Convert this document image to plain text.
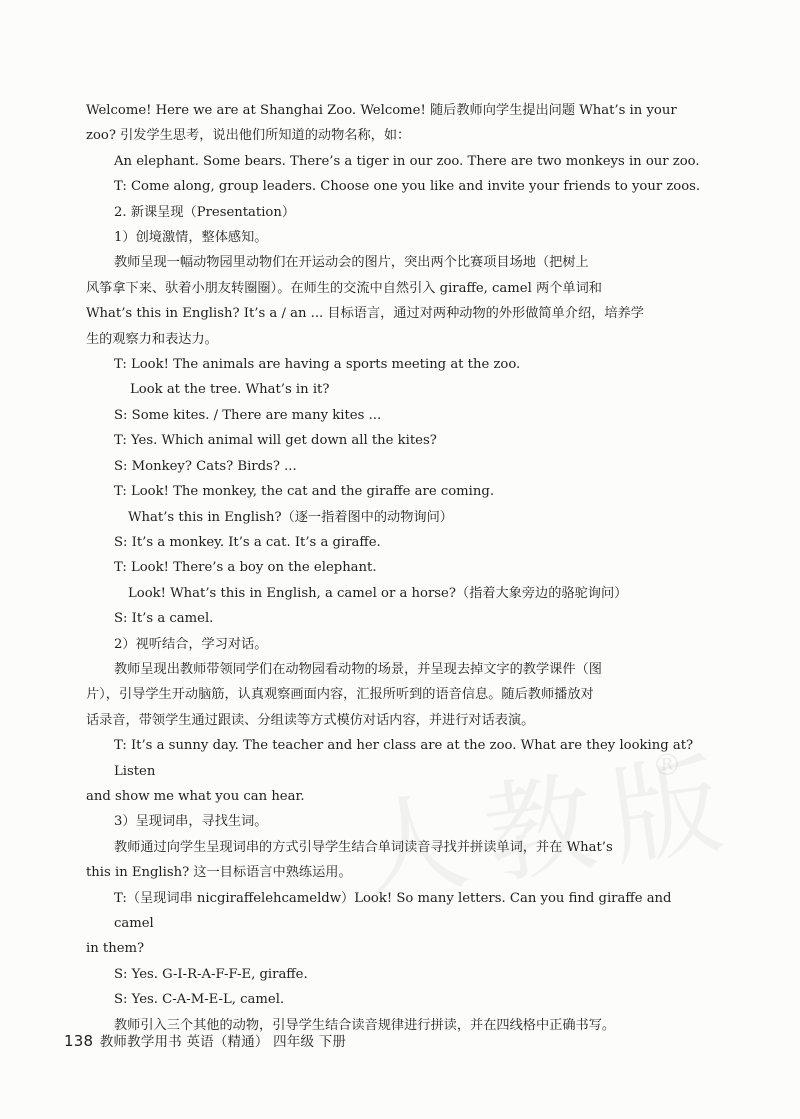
®

Welcome! Here we are at Shanghai Zoo. Welcome! 随后教师向学生提出问题 What’s in your

zoo? 引发学生思考，说出他们所知道的动物名称，如：

An elephant. Some bears. There’s a tiger in our zoo. There are two monkeys in our zoo.

T: Come along, group leaders. Choose one you like and invite your friends to your zoos.

2. 新课呈现（Presentation）

1）创境激情，整体感知。

教师呈现一幅动物园里动物们在开运动会的图片，突出两个比赛项目场地（把树上

风筝拿下来、驮着小朋友转圈圈）。在师生的交流中自然引入 giraffe, camel 两个单词和

What’s this in English? It’s a / an ... 目标语言，通过对两种动物的外形做简单介绍，培养学

生的观察力和表达力。

T: Look! The animals are having a sports meeting at the zoo.

Look at the tree. What’s in it?

S: Some kites. / There are many kites ...

T: Yes. Which animal will get down all the kites?

S: Monkey? Cats? Birds? ...

T: Look! The monkey, the cat and the giraffe are coming.

What’s this in English?（逐一指着图中的动物询问）

S: It’s a monkey. It’s a cat. It’s a giraffe.

T: Look! There’s a boy on the elephant.

Look! What’s this in English, a camel or a horse?（指着大象旁边的骆驼询问）

S: It’s a camel.

2）视听结合，学习对话。

教师呈现出教师带领同学们在动物园看动物的场景，并呈现去掉文字的教学课件（图

片），引导学生开动脑筋，认真观察画面内容，汇报所听到的语音信息。随后教师播放对

话录音，带领学生通过跟读、分组读等方式模仿对话内容，并进行对话表演。

T: It’s a sunny day. The teacher and her class are at the zoo. What are they looking at? Listen

and show me what you can hear.

3）呈现词串，寻找生词。

教师通过向学生呈现词串的方式引导学生结合单词读音寻找并拼读单词，并在 What’s

this in English? 这一目标语言中熟练运用。

T:（呈现词串 nicgiraffelehcameldw）Look! So many letters. Can you find giraffe and camel

in them?

S: Yes. G-I-R-A-F-F-E, giraffe.

S: Yes. C-A-M-E-L, camel.

教师引入三个其他的动物，引导学生结合读音规律进行拼读，并在四线格中正确书写。

138 教师教学用书 英语（精通） 四年级 下册
